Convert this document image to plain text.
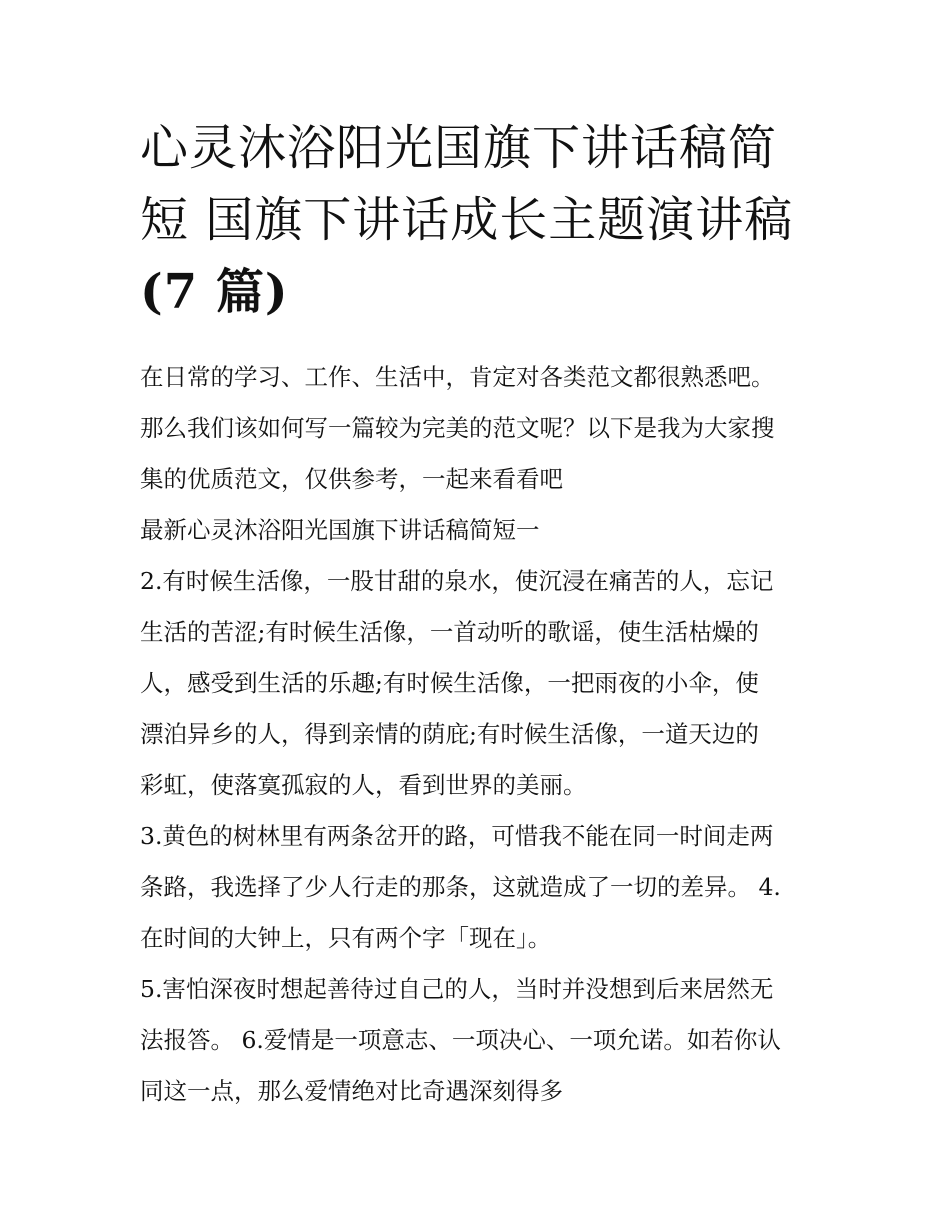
心灵沐浴阳光国旗下讲话稿简
短 国旗下讲话成长主题演讲稿
(7 篇)
在日常的学习、工作、生活中，肯定对各类范文都很熟悉吧。
那么我们该如何写一篇较为完美的范文呢？以下是我为大家搜
集的优质范文，仅供参考，一起来看看吧
最新心灵沐浴阳光国旗下讲话稿简短一
2.有时候生活像，一股甘甜的泉水，使沉浸在痛苦的人，忘记
生活的苦涩;有时候生活像，一首动听的歌谣，使生活枯燥的
人，感受到生活的乐趣;有时候生活像，一把雨夜的小伞，使
漂泊异乡的人，得到亲情的荫庇;有时候生活像，一道天边的
彩虹，使落寞孤寂的人，看到世界的美丽。
3.黄色的树林里有两条岔开的路，可惜我不能在同一时间走两
条路，我选择了少人行走的那条，这就造成了一切的差异。 4.
在时间的大钟上，只有两个字「现在」。
5.害怕深夜时想起善待过自己的人，当时并没想到后来居然无
法报答。 6.爱情是一项意志、一项决心、一项允诺。如若你认
同这一点，那么爱情绝对比奇遇深刻得多
